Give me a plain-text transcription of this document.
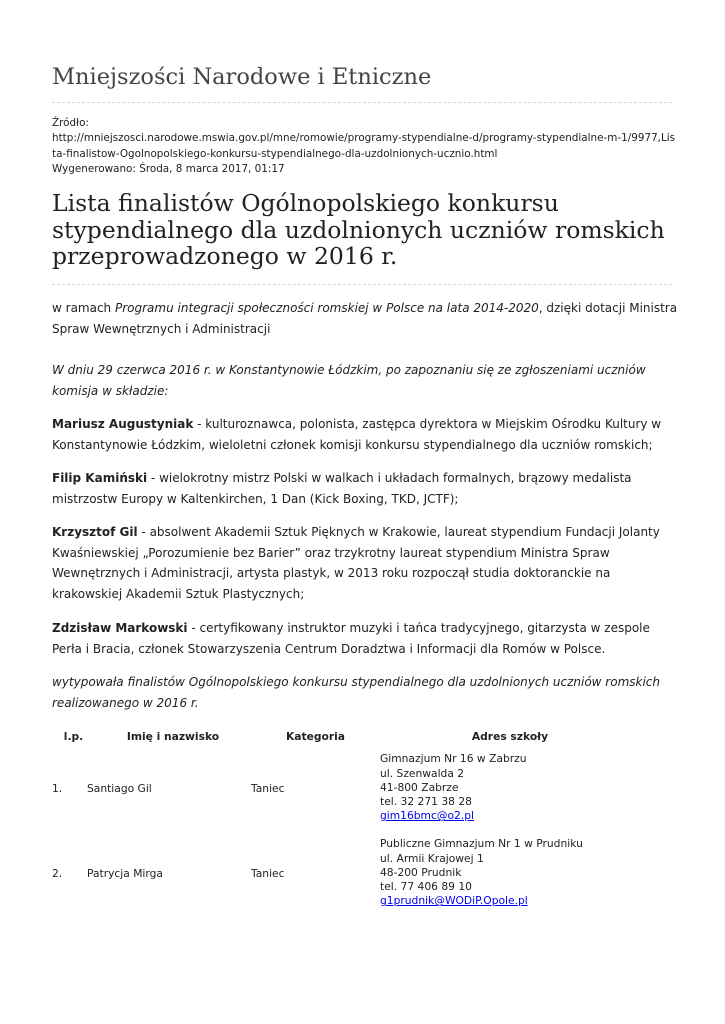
Mniejszości Narodowe i Etniczne
Źródło:
http://mniejszosci.narodowe.mswia.gov.pl/mne/romowie/programy-stypendialne-d/programy-stypendialne-m-1/9977,Lista-finalistow-Ogolnopolskiego-konkursu-stypendialnego-dla-uzdolnionych-ucznio.html
Wygenerowano: Środa, 8 marca 2017, 01:17
Lista finalistów Ogólnopolskiego konkursu stypendialnego dla uzdolnionych uczniów romskich przeprowadzonego w 2016 r.
w ramach Programu integracji społeczności romskiej w Polsce na lata 2014-2020, dzięki dotacji Ministra Spraw Wewnętrznych i Administracji
W dniu 29 czerwca 2016 r. w Konstantynowie Łódzkim, po zapoznaniu się ze zgłoszeniami uczniów komisja w składzie:
Mariusz Augustyniak - kulturoznawca, polonista, zastępca dyrektora w Miejskim Ośrodku Kultury w Konstantynowie Łódzkim, wieloletni członek komisji konkursu stypendialnego dla uczniów romskich;
Filip Kamiński - wielokrotny mistrz Polski w walkach i układach formalnych, brązowy medalista mistrzostw Europy w Kaltenkirchen, 1 Dan (Kick Boxing, TKD, JCTF);
Krzysztof Gil - absolwent Akademii Sztuk Pięknych w Krakowie, laureat stypendium Fundacji Jolanty Kwaśniewskiej „Porozumienie bez Barier” oraz trzykrotny laureat stypendium Ministra Spraw Wewnętrznych i Administracji, artysta plastyk, w 2013 roku rozpoczął studia doktoranckie na krakowskiej Akademii Sztuk Plastycznych;
Zdzisław Markowski - certyfikowany instruktor muzyki i tańca tradycyjnego, gitarzysta w zespole Perła i Bracia, członek Stowarzyszenia Centrum Doradztwa i Informacji dla Romów w Polsce.
wytypowała finalistów Ogólnopolskiego konkursu stypendialnego dla uzdolnionych uczniów romskich realizowanego w 2016 r.
l.p.	Imię i nazwisko	Kategoria	Adres szkoły
1.	Santiago Gil	Taniec	Gimnazjum Nr 16 w Zabrzu
ul. Szenwalda 2
41-800 Zabrze
tel. 32 271 38 28
gim16bmc@o2.pl

2.	Patrycja Mirga	Taniec	Publiczne Gimnazjum Nr 1 w Prudniku
ul. Armii Krajowej 1
48-200 Prudnik
tel. 77 406 89 10
g1prudnik@WODiP.Opole.pl
